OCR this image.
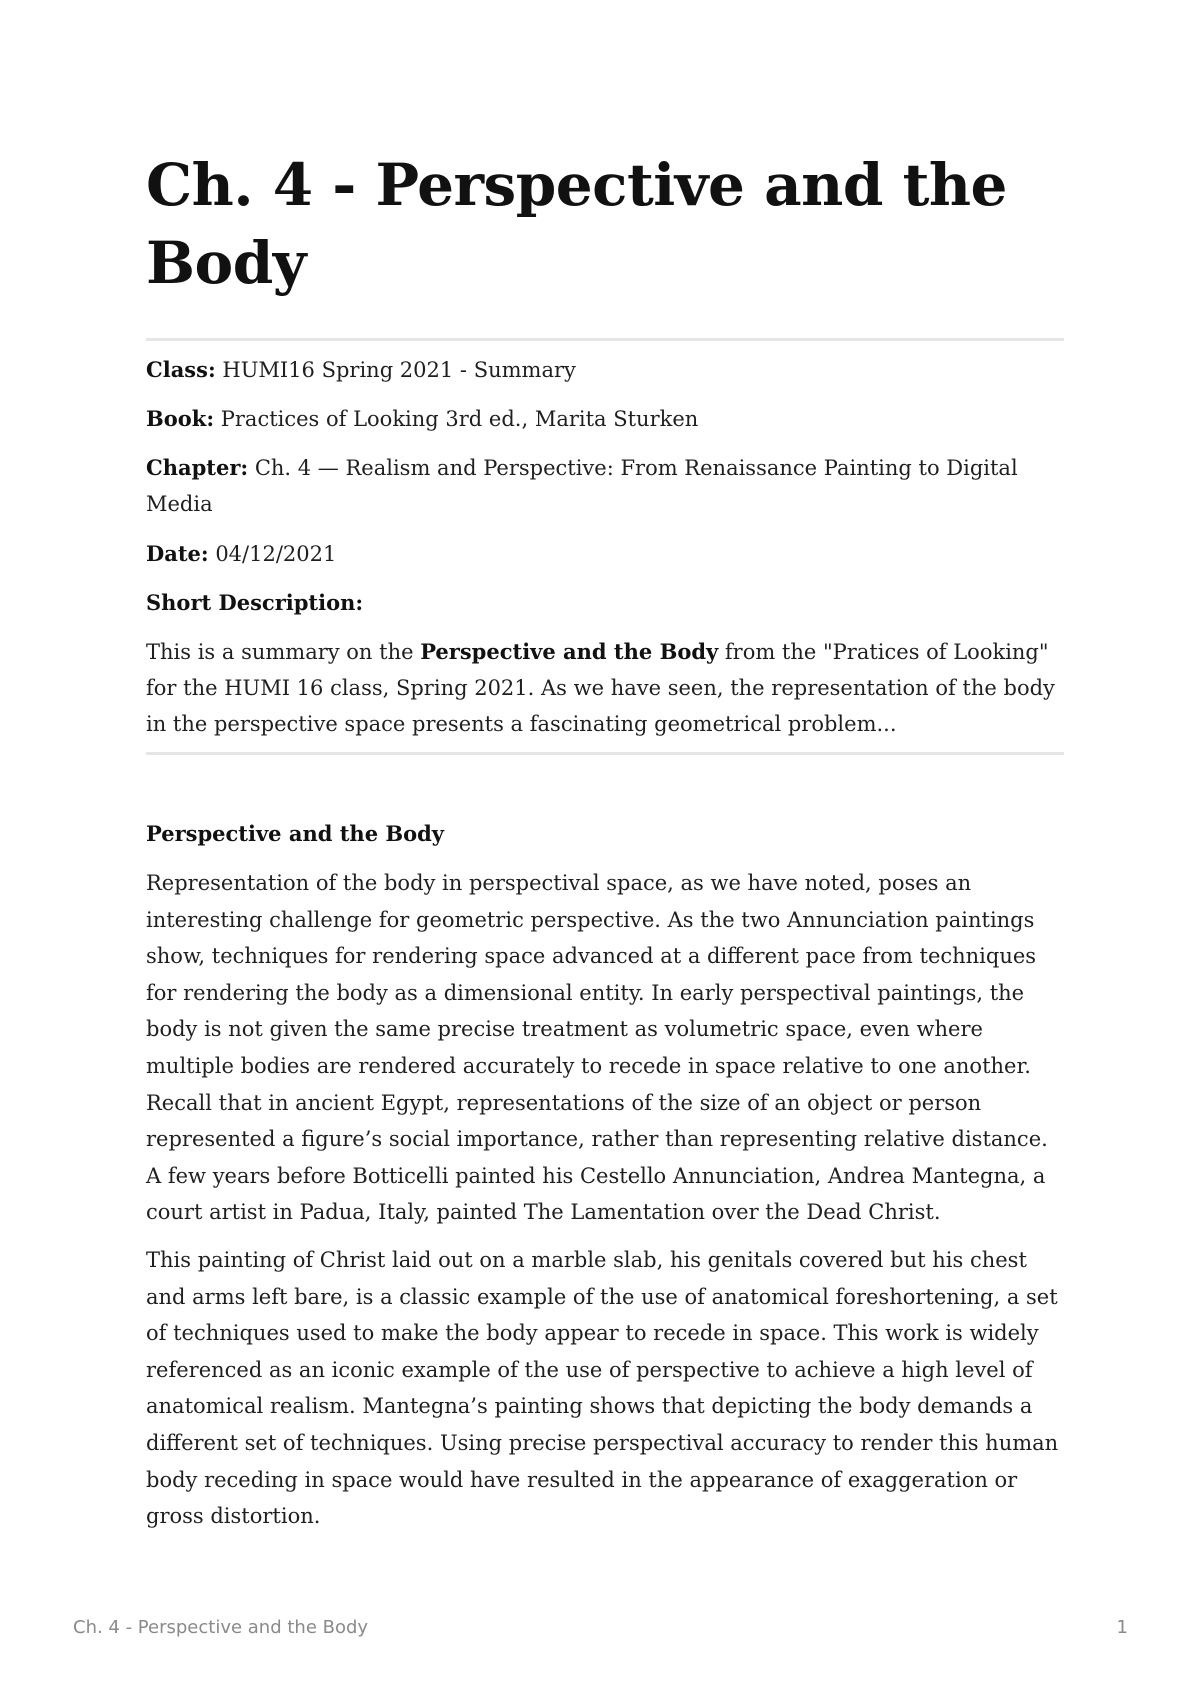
Ch. 4 - Perspective and the Body

Class: HUMI16 Spring 2021 - Summary

Book: Practices of Looking 3rd ed., Marita Sturken

Chapter: Ch. 4 — Realism and Perspective: From Renaissance Painting to Digital Media

Date: 04/12/2021

Short Description:

This is a summary on the Perspective and the Body from the "Pratices of Looking" for the HUMI 16 class, Spring 2021. As we have seen, the representation of the body in the perspective space presents a fascinating geometrical problem...

Perspective and the Body

Representation of the body in perspectival space, as we have noted, poses an interesting challenge for geometric perspective. As the two Annunciation paintings show, techniques for rendering space advanced at a different pace from techniques for rendering the body as a dimensional entity. In early perspectival paintings, the body is not given the same precise treatment as volumetric space, even where multiple bodies are rendered accurately to recede in space relative to one another. Recall that in ancient Egypt, representations of the size of an object or person represented a figure’s social importance, rather than representing relative distance. A few years before Botticelli painted his Cestello Annunciation, Andrea Mantegna, a court artist in Padua, Italy, painted The Lamentation over the Dead Christ.

This painting of Christ laid out on a marble slab, his genitals covered but his chest and arms left bare, is a classic example of the use of anatomical foreshortening, a set of techniques used to make the body appear to recede in space. This work is widely referenced as an iconic example of the use of perspective to achieve a high level of anatomical realism. Mantegna’s painting shows that depicting the body demands a different set of techniques. Using precise perspectival accuracy to render this human body receding in space would have resulted in the appearance of exaggeration or gross distortion.

Ch. 4 - Perspective and the Body	1
